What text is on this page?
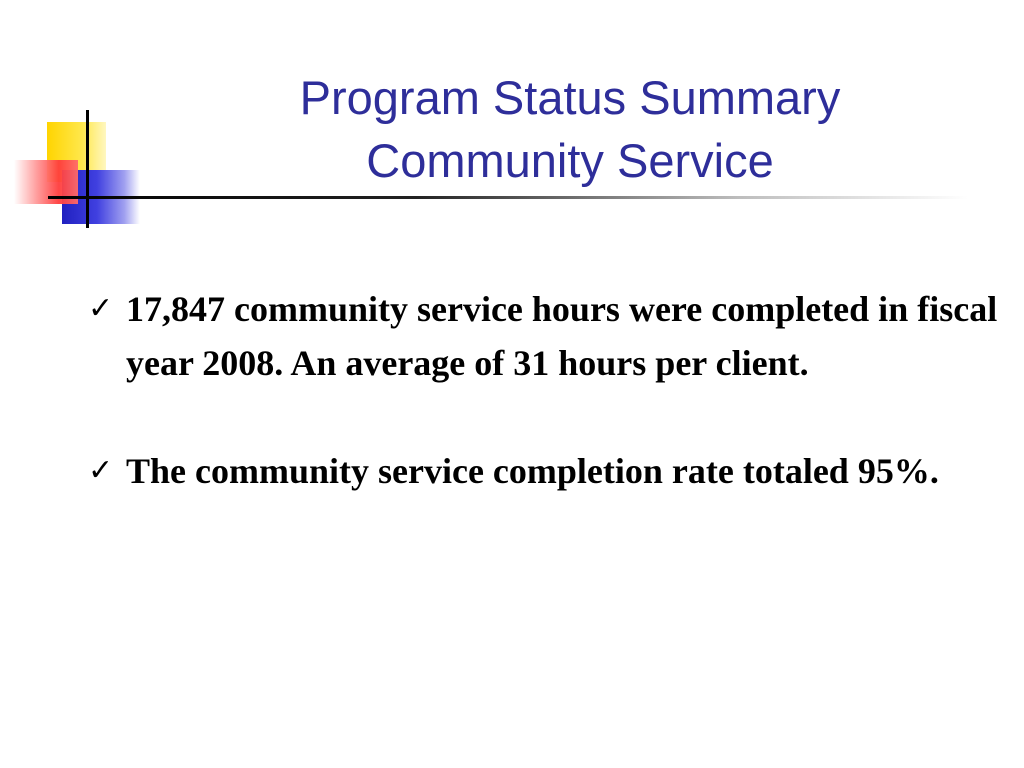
Program Status Summary
Community Service
✓ 17,847 community service hours were completed in fiscal year 2008. An average of 31 hours per client.
✓ The community service completion rate totaled 95%.
